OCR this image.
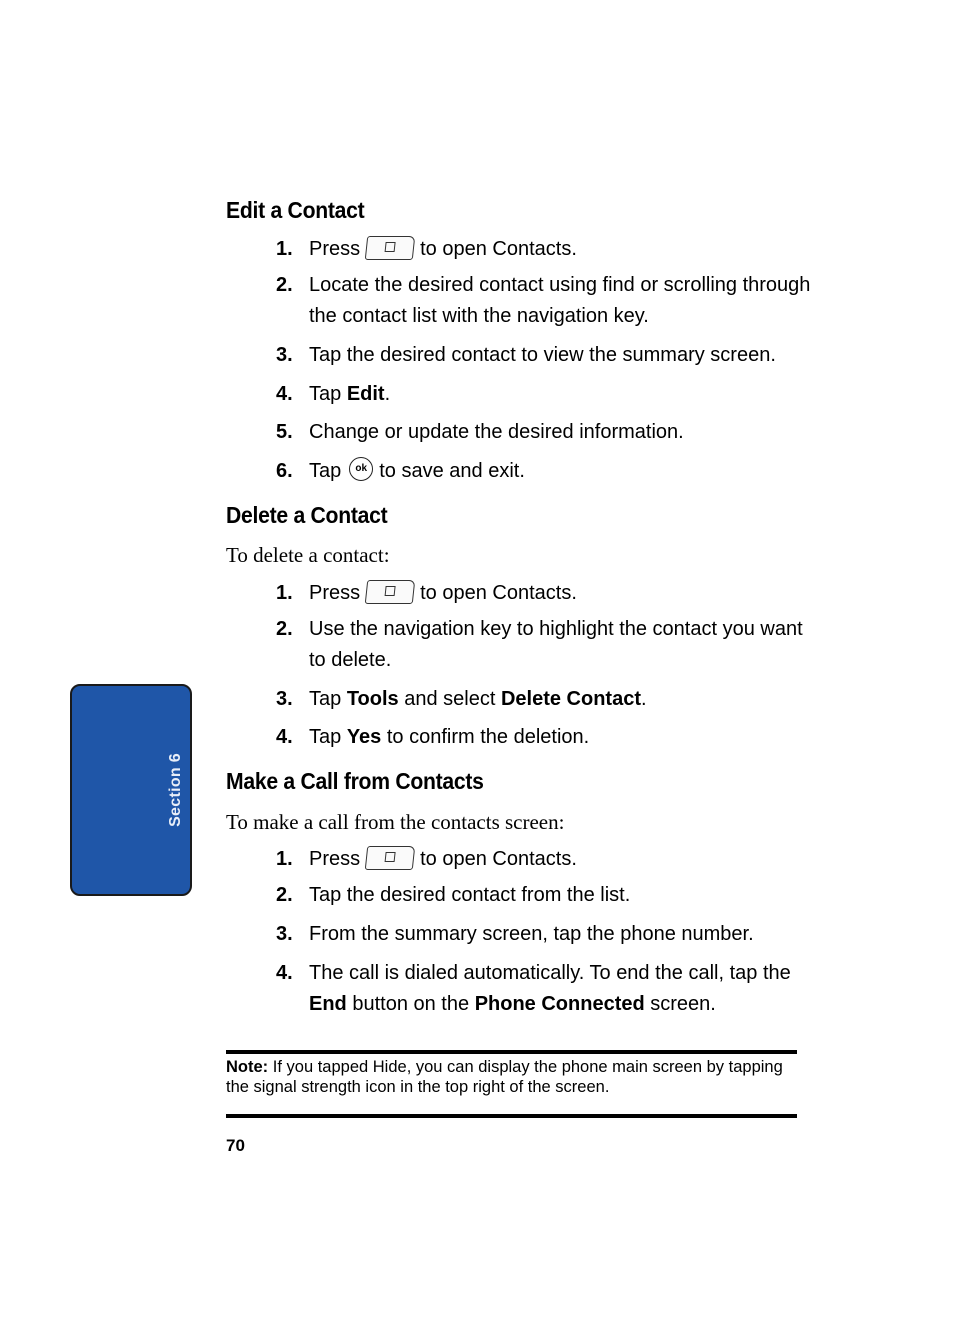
Section 6
Edit a Contact
1. Press	to open Contacts.
2. Locate the desired contact using find or scrolling through the contact list with the navigation key.
3. Tap the desired contact to view the summary screen.
4. Tap Edit.
5. Change or update the desired information.
6. Tap ok to save and exit.
Delete a Contact
To delete a contact:
1. Press	to open Contacts.
2. Use the navigation key to highlight the contact you want to delete.
3. Tap Tools and select Delete Contact.
4. Tap Yes to confirm the deletion.
Make a Call from Contacts
To make a call from the contacts screen:
1. Press	to open Contacts.
2. Tap the desired contact from the list.
3. From the summary screen, tap the phone number.
4. The call is dialed automatically. To end the call, tap the End button on the Phone Connected screen.
Note: If you tapped Hide, you can display the phone main screen by tapping the signal strength icon in the top right of the screen.
70
